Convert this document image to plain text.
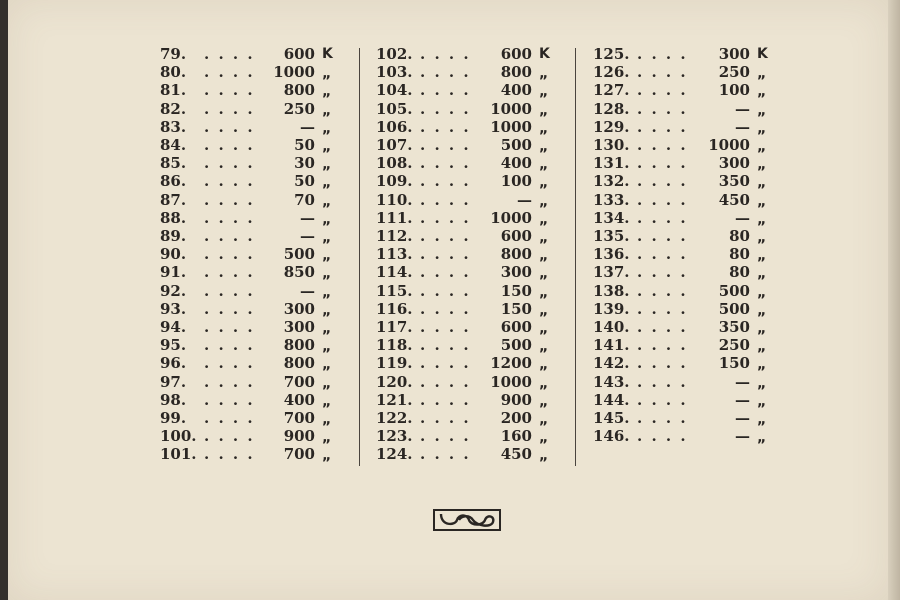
79. . . . . 600 K
80. . . . . 1000 „
81. . . . . 800 „
82. . . . . 250 „
83. . . . .	— „
84. . . . .	50 „
85. . . . .	30 „
86. . . . .	50 „
87. . . . .	70 „
88. . . . .	— „
89. . . . .	— „
90. . . . . 500 „
91. . . . . 850 „
92. . . . .	— „
93. . . . . 300 „
94. . . . . 300 „
95. . . . . 800 „
96. . . . . 800 „
97. . . . . 700 „
98. . . . . 400 „
99. . . . . 700 „
100. . . . . 900 „
101. . . . . 700 „
102. . . . . 600 K
103. . . . . 800 „
104. . . . . 400 „
105. . . . . 1000 „
106. . . . . 1000 „
107. . . . . 500 „
108. . . . . 400 „
109. . . . . 100 „
110. . . . .	— „
111. . . . . 1000 „
112. . . . . 600 „
113. . . . . 800 „
114. . . . . 300 „
115. . . . . 150 „
116. . . . . 150 „
117. . . . . 600 „
118. . . . . 500 „
119. . . . . 1200 „
120. . . . . 1000 „
121. . . . . 900 „
122. . . . . 200 „
123. . . . . 160 „
124. . . . . 450 „
125. . . . . 300 K
126. . . . . 250 „
127. . . . . 100 „
128. . . . .	— „
129. . . . .	— „
130. . . . . 1000 „
131. . . . . 300 „
132. . . . . 350 „
133. . . . . 450 „
134. . . . .	— „
135. . . . .	80 „
136. . . . .	80 „
137. . . . .	80 „
138. . . . . 500 „
139. . . . . 500 „
140. . . . . 350 „
141. . . . . 250 „
142. . . . . 150 „
143. . . . .	— „
144. . . . .	— „
145. . . . .	— „
146. . . . .	— „
